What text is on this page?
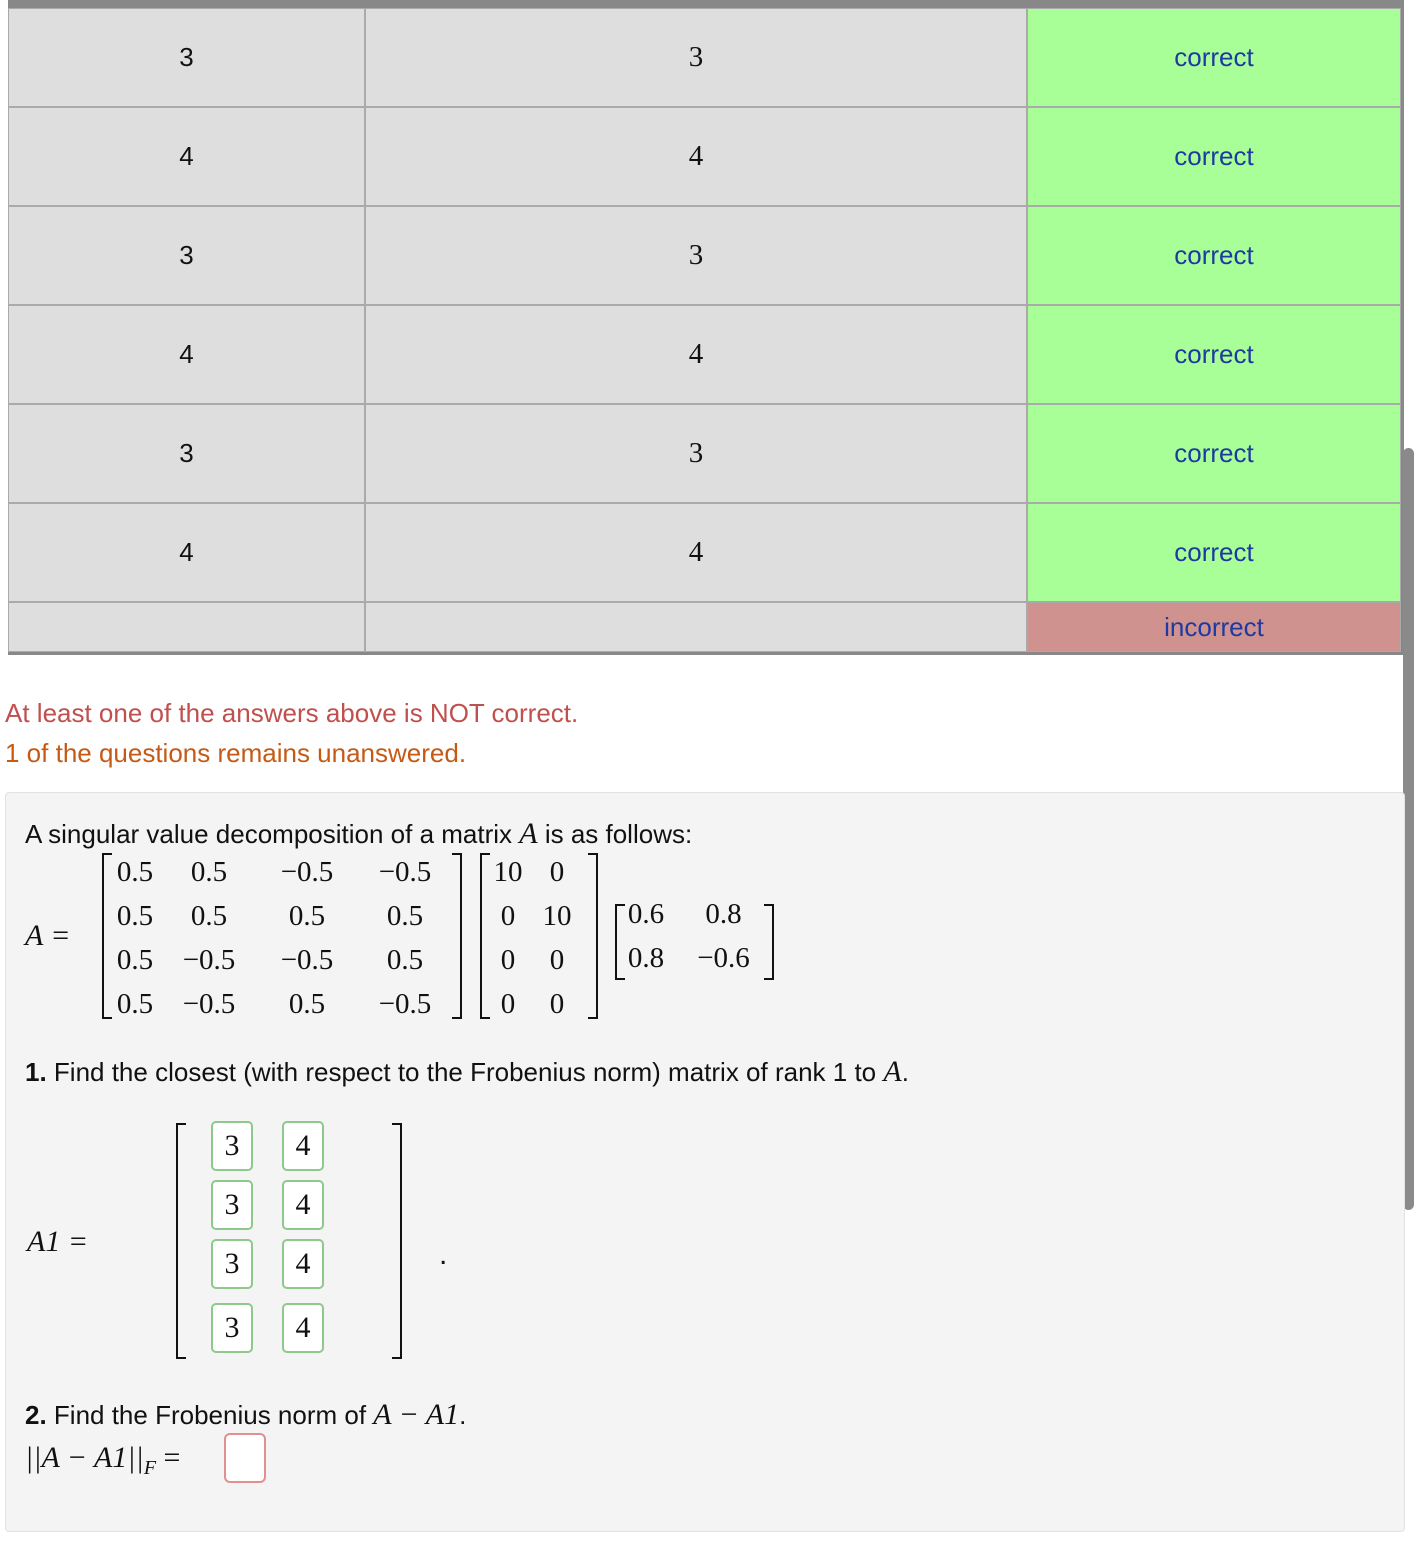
3	3	correct
4	4	correct
3	3	correct
4	4	correct
3	3	correct
4	4	correct
		incorrect
At least one of the answers above is NOT correct.
1 of the questions remains unanswered.
A singular value decomposition of a matrix A is as follows:
A =
0.5	0.5	−0.5	−0.5
0.5	0.5	0.5	0.5
0.5	−0.5	−0.5	0.5
0.5	−0.5	0.5	−0.5
10 0
0 10
0	0
0	0
0.6	0.8
0.8	−0.6
1. Find the closest (with respect to the Frobenius norm) matrix of rank 1 to A.
A1 =
3	4
3	4
3	4
3	4
.
2. Find the Frobenius norm of A − A1.
$||A - A1||_F$ =
